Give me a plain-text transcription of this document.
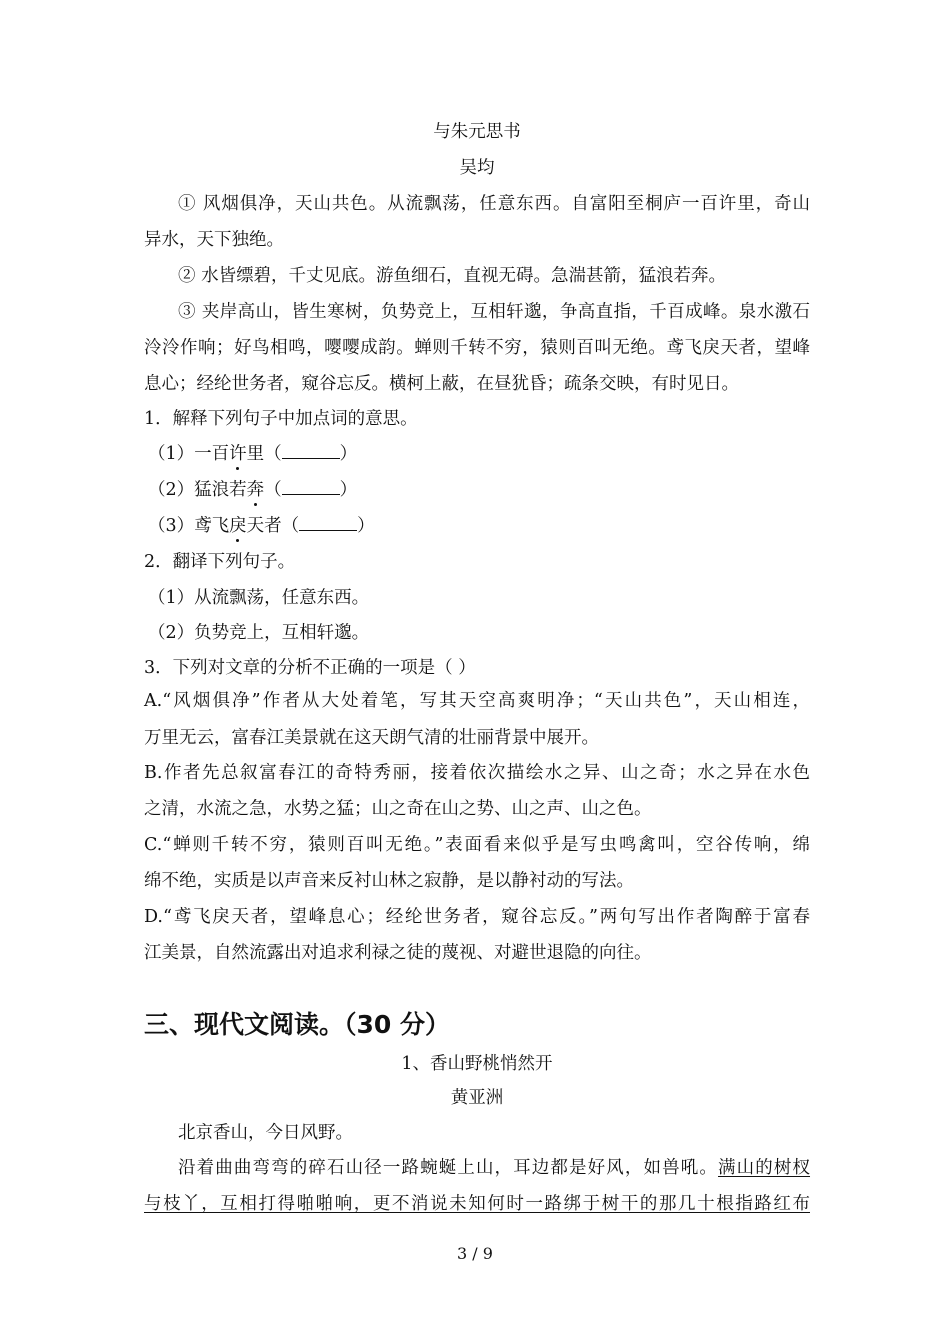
与朱元思书
吴均
① 风烟俱净，天山共色。从流飘荡，任意东西。自富阳至桐庐一百许里，奇山
异水，天下独绝。
② 水皆缥碧，千丈见底。游鱼细石，直视无碍。急湍甚箭，猛浪若奔。
③ 夹岸高山，皆生寒树，负势竞上，互相轩邈，争高直指，千百成峰。泉水激石
泠泠作响；好鸟相鸣，嘤嘤成韵。蝉则千转不穷，猿则百叫无绝。鸢飞戾天者，望峰
息心；经纶世务者，窥谷忘反。横柯上蔽，在昼犹昏；疏条交映，有时见日。
1．解释下列句子中加点词的意思。
（1）一百许里（	）
（2）猛浪若奔（	）
（3）鸢飞戾天者（	）
2．翻译下列句子。
（1）从流飘荡，任意东西。
（2）负势竞上，互相轩邈。
3．下列对文章的分析不正确的一项是（ ）
A.“风烟俱净”作者从大处着笔，写其天空高爽明净；“天山共色”，天山相连，
万里无云，富春江美景就在这天朗气清的壮丽背景中展开。
B.作者先总叙富春江的奇特秀丽，接着依次描绘水之异、山之奇；水之异在水色
之清，水流之急，水势之猛；山之奇在山之势、山之声、山之色。
C.“蝉则千转不穷，猿则百叫无绝。”表面看来似乎是写虫鸣禽叫，空谷传响，绵
绵不绝，实质是以声音来反衬山林之寂静，是以静衬动的写法。
D.“鸢飞戾天者，望峰息心；经纶世务者，窥谷忘反。”两句写出作者陶醉于富春
江美景，自然流露出对追求利禄之徒的蔑视、对避世退隐的向往。
三、现代文阅读。（30 分）
1、香山野桃悄然开
黄亚洲
北京香山，今日风野。
沿着曲曲弯弯的碎石山径一路蜿蜒上山，耳边都是好风，如兽吼。满山的树杈
与枝丫，互相打得啪啪响，更不消说未知何时一路绑于树干的那几十根指路红布
3 / 9
